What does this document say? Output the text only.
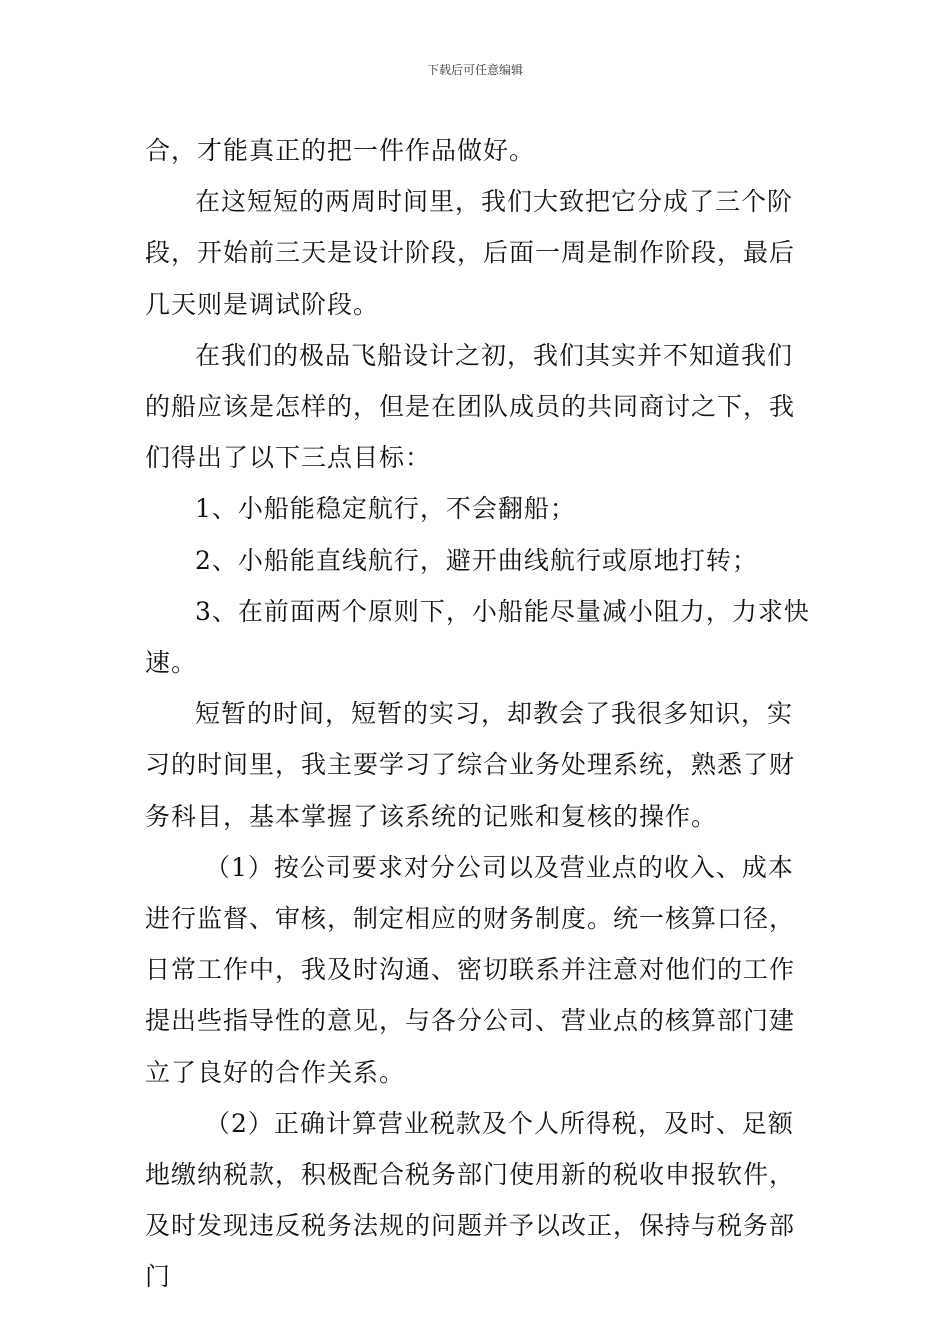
下载后可任意编辑

合，才能真正的把一件作品做好。

在这短短的两周时间里，我们大致把它分成了三个阶段，开始前三天是设计阶段，后面一周是制作阶段，最后几天则是调试阶段。

在我们的极品飞船设计之初，我们其实并不知道我们的船应该是怎样的，但是在团队成员的共同商讨之下，我们得出了以下三点目标：

1、小船能稳定航行，不会翻船；

2、小船能直线航行，避开曲线航行或原地打转；

3、在前面两个原则下，小船能尽量减小阻力，力求快速。

短暂的时间，短暂的实习，却教会了我很多知识，实习的时间里，我主要学习了综合业务处理系统，熟悉了财务科目，基本掌握了该系统的记账和复核的操作。

（1）按公司要求对分公司以及营业点的收入、成本进行监督、审核，制定相应的财务制度。统一核算口径，日常工作中，我及时沟通、密切联系并注意对他们的工作提出些指导性的意见，与各分公司、营业点的核算部门建立了良好的合作关系。

（2）正确计算营业税款及个人所得税，及时、足额地缴纳税款，积极配合税务部门使用新的税收申报软件，及时发现违反税务法规的问题并予以改正，保持与税务部门
